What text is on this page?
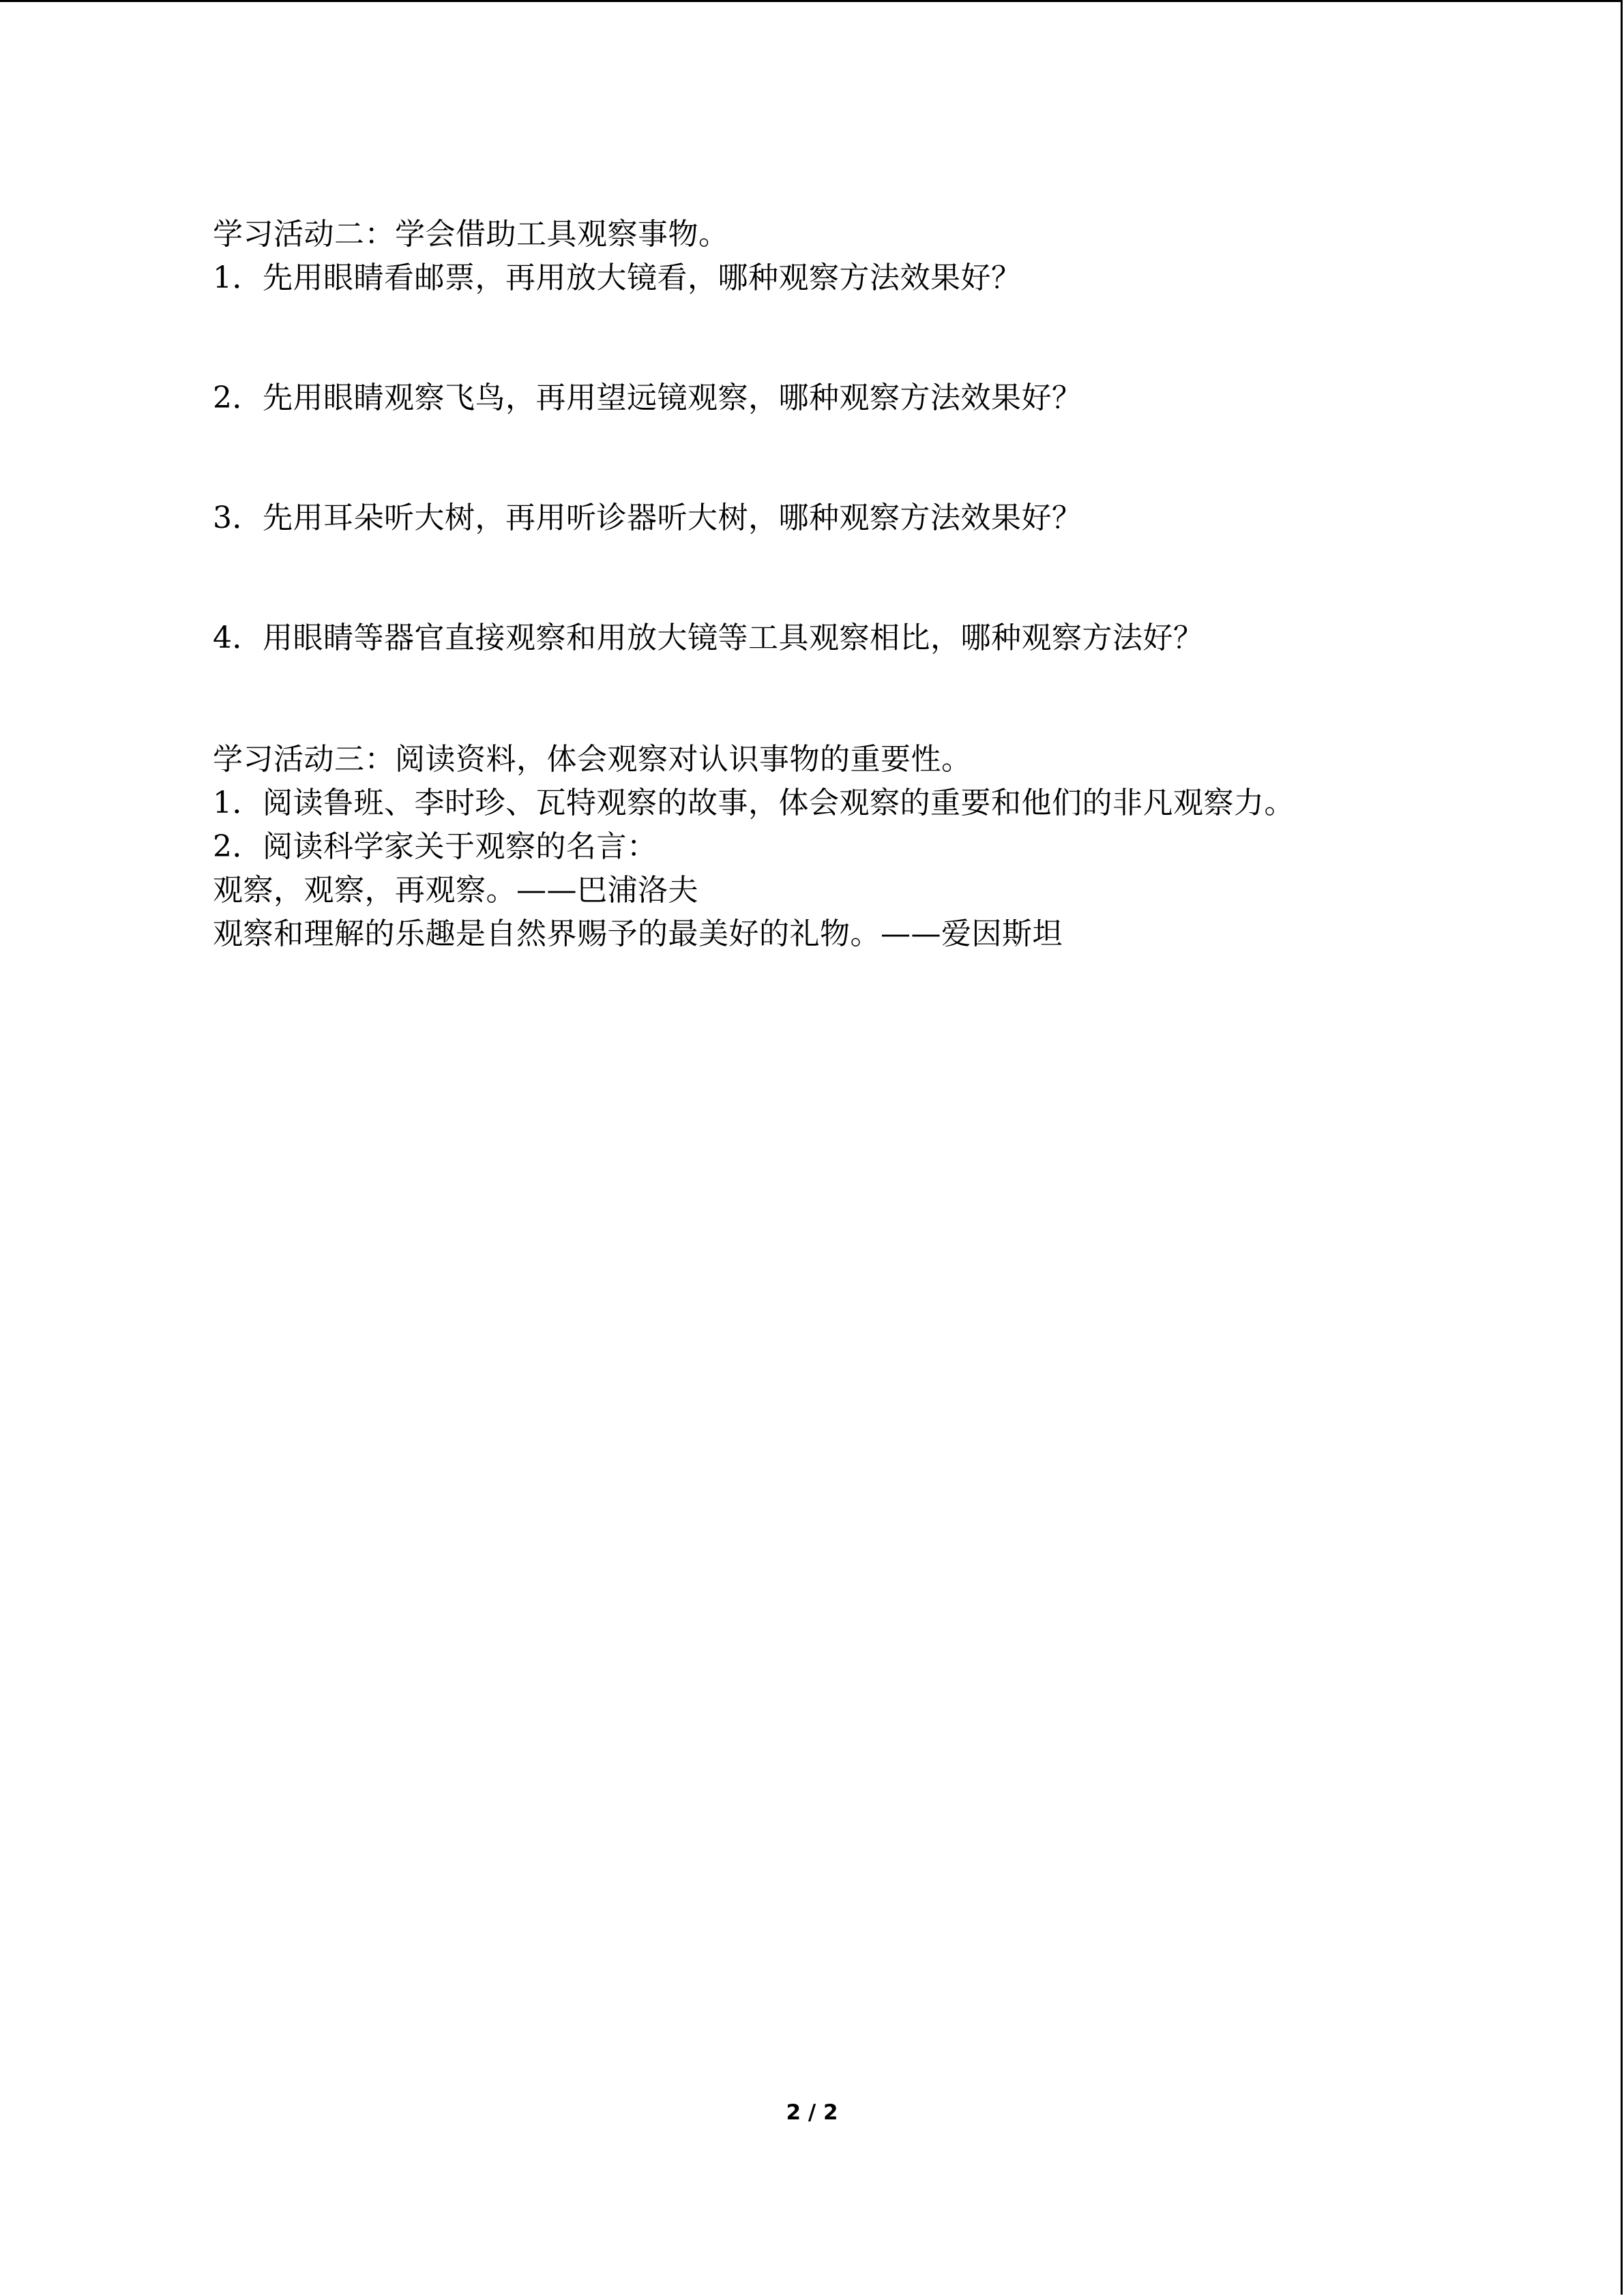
学习活动二：学会借助工具观察事物。
1．先用眼睛看邮票，再用放大镜看，哪种观察方法效果好？
2．先用眼睛观察飞鸟，再用望远镜观察，哪种观察方法效果好？
3．先用耳朵听大树，再用听诊器听大树，哪种观察方法效果好？
4．用眼睛等器官直接观察和用放大镜等工具观察相比，哪种观察方法好？
学习活动三：阅读资料，体会观察对认识事物的重要性。
1．阅读鲁班、李时珍、瓦特观察的故事，体会观察的重要和他们的非凡观察力。
2．阅读科学家关于观察的名言：
观察，观察，再观察。——巴浦洛夫
观察和理解的乐趣是自然界赐予的最美好的礼物。——爱因斯坦
2 / 2
